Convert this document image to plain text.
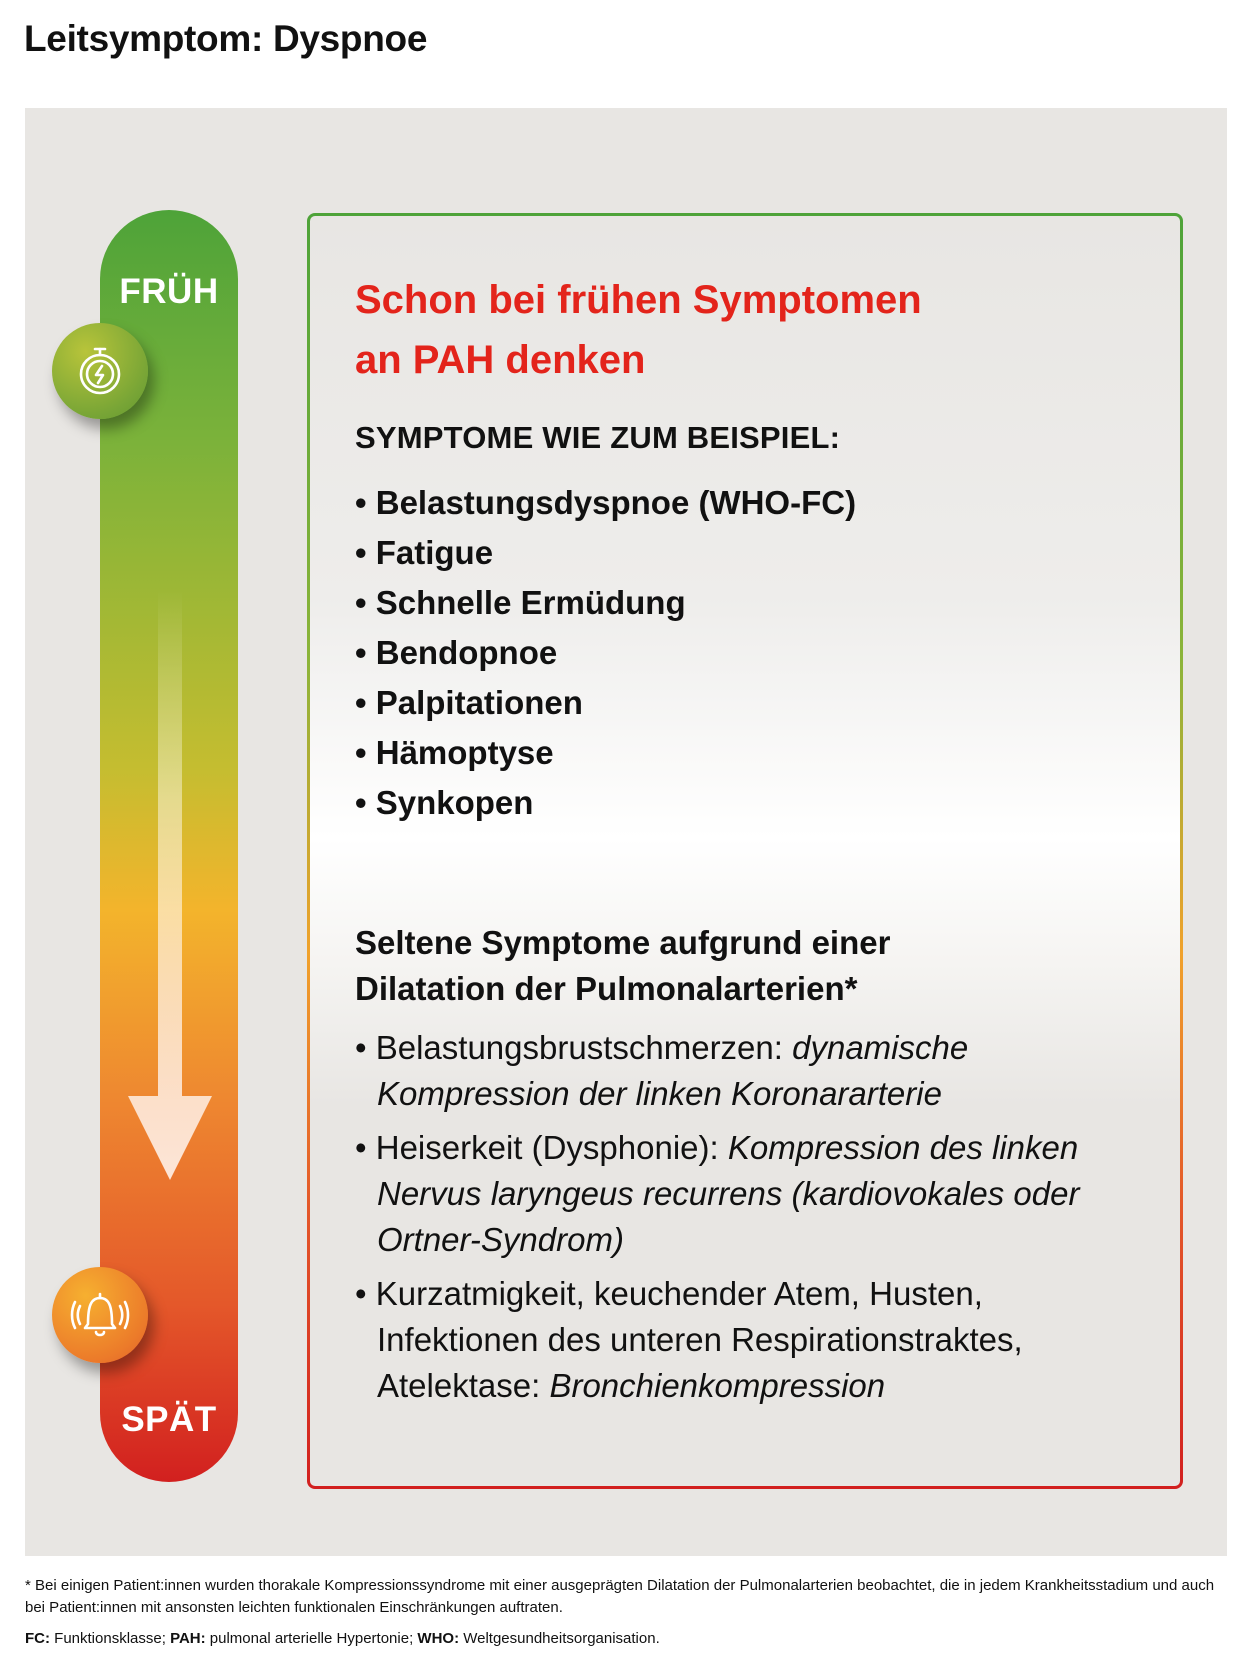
Leitsymptom: Dyspnoe
FRÜH
SPÄT
Schon bei frühen Symptomen
an PAH denken
SYMPTOME WIE ZUM BEISPIEL:
• Belastungsdyspnoe (WHO-FC)
• Fatigue
• Schnelle Ermüdung
• Bendopnoe
• Palpitationen
• Hämoptyse
• Synkopen
Seltene Symptome aufgrund einer
Dilatation der Pulmonalarterien*
• Belastungsbrustschmerzen: dynamische Kompression der linken Koronararterie
• Heiserkeit (Dysphonie): Kompression des linken Nervus laryngeus recurrens (kardiovokales oder Ortner-Syndrom)
• Kurzatmigkeit, keuchender Atem, Husten, Infektionen des unteren Respirationstraktes, Atelektase: Bronchienkompression
* Bei einigen Patient:innen wurden thorakale Kompressionssyndrome mit einer ausgeprägten Dilatation der Pulmonalarterien beobachtet, die in jedem Krankheitsstadium und auch bei Patient:innen mit ansonsten leichten funktionalen Einschränkungen auftraten.
FC: Funktionsklasse; PAH: pulmonal arterielle Hypertonie; WHO: Weltgesundheitsorganisation.
